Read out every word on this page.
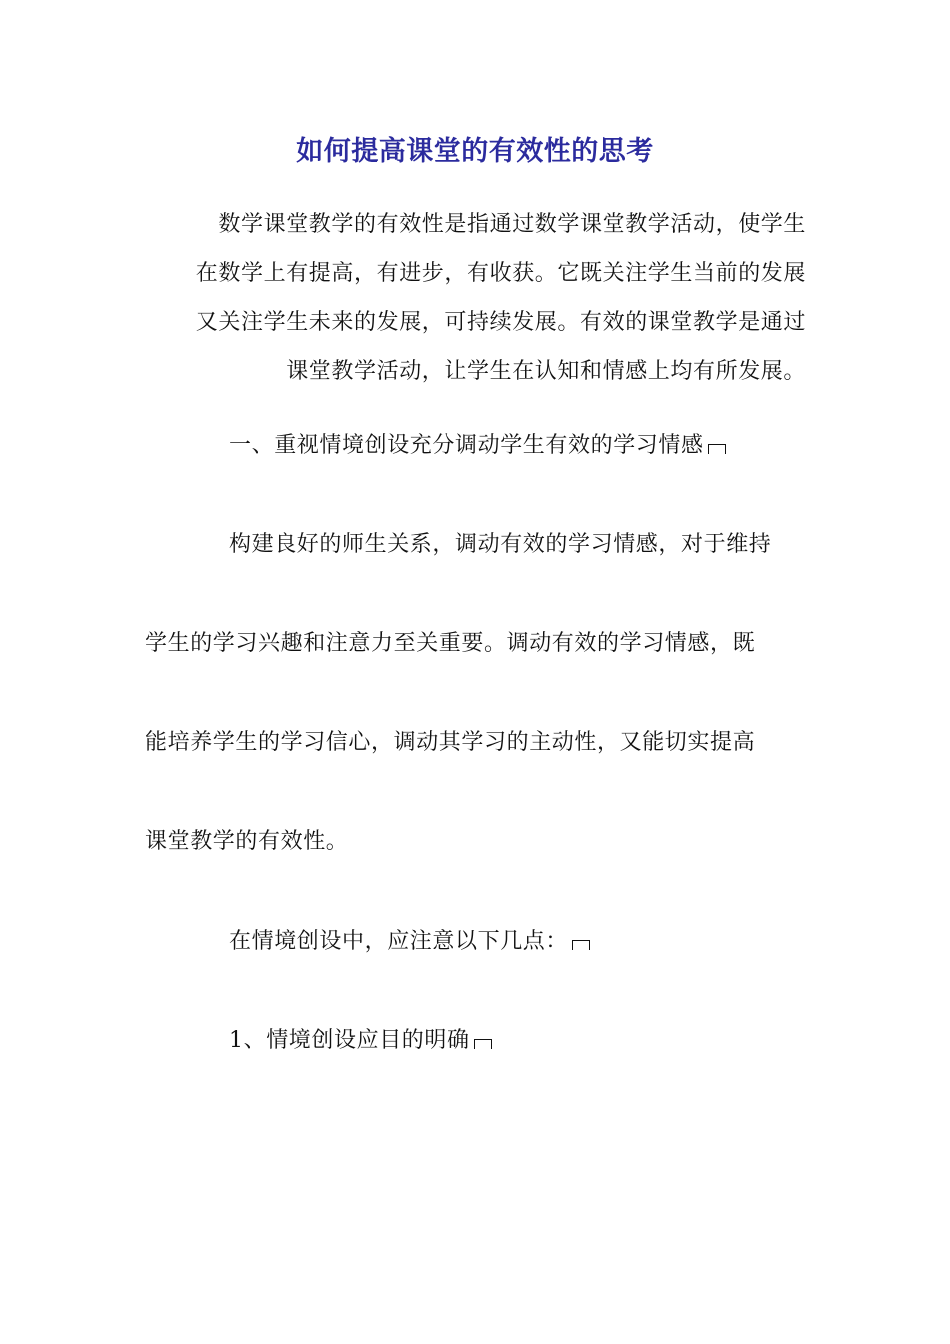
如何提高课堂的有效性的思考
数学课堂教学的有效性是指通过数学课堂教学活动，使学生
在数学上有提高，有进步，有收获。它既关注学生当前的发展
又关注学生未来的发展，可持续发展。有效的课堂教学是通过
课堂教学活动，让学生在认知和情感上均有所发展。
一、重视情境创设充分调动学生有效的学习情感
构建良好的师生关系，调动有效的学习情感，对于维持
学生的学习兴趣和注意力至关重要。调动有效的学习情感，既
能培养学生的学习信心，调动其学习的主动性，又能切实提高
课堂教学的有效性。
在情境创设中，应注意以下几点：
1、情境创设应目的明确
